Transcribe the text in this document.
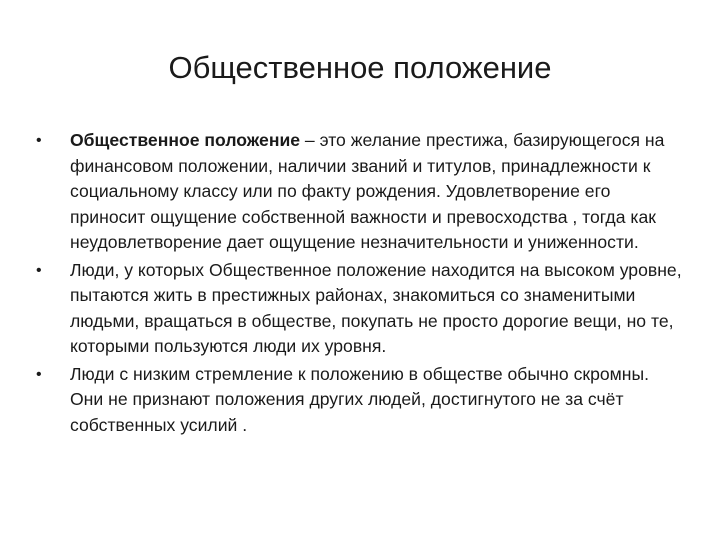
Общественное положение
•	Общественное положение – это желание престижа, базирующегося на финансовом положении, наличии званий и титулов, принадлежности к социальному классу или по факту рождения. Удовлетворение его приносит ощущение собственной важности и превосходства , тогда как неудовлетворение дает ощущение незначительности и униженности.
•	Люди, у которых Общественное положение находится на высоком уровне, пытаются жить в престижных районах, знакомиться со знаменитыми людьми, вращаться в обществе, покупать не просто дорогие вещи, но те, которыми пользуются люди их уровня.
•	Люди с низким стремление к положению в обществе обычно скромны. Они не признают положения других людей, достигнутого не за счёт собственных усилий .
